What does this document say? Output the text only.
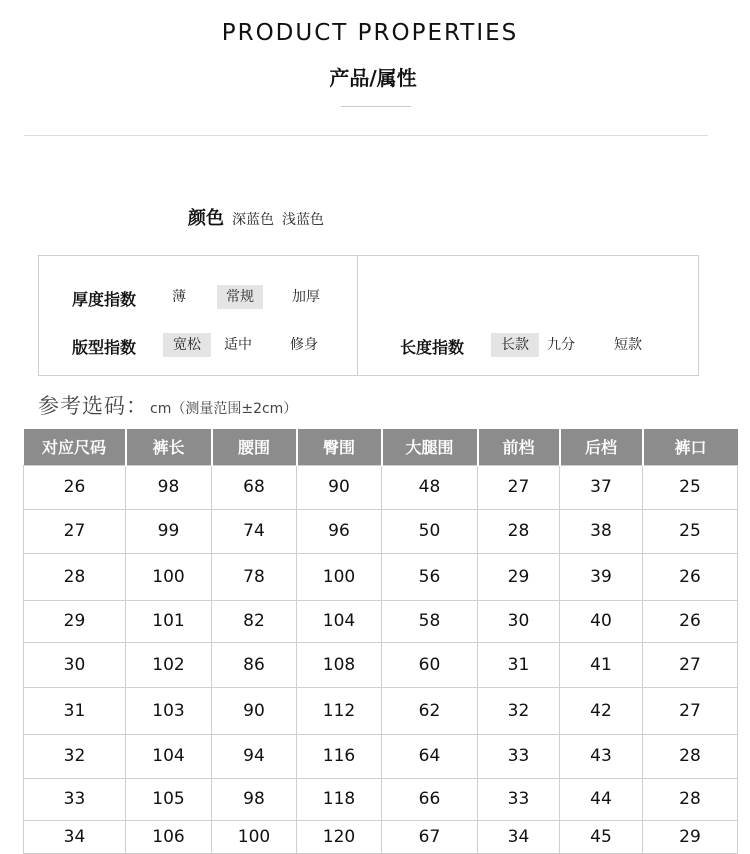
PRODUCT PROPERTIES
产品/属性
颜色 深蓝色 浅蓝色
厚度指数	薄	常规	加厚
版型指数	宽松	适中	修身	长度指数	长款	九分	短款
参考选码： cm（测量范围±2cm）
对应尺码	裤长	腰围	臀围	大腿围	前档	后档	裤口
26	98	68	90	48	27	37	25
27	99	74	96	50	28	38	25
28	100	78	100	56	29	39	26
29	101	82	104	58	30	40	26
30	102	86	108	60	31	41	27
31	103	90	112	62	32	42	27
32	104	94	116	64	33	43	28
33	105	98	118	66	33	44	28
34	106	100	120	67	34	45	29
